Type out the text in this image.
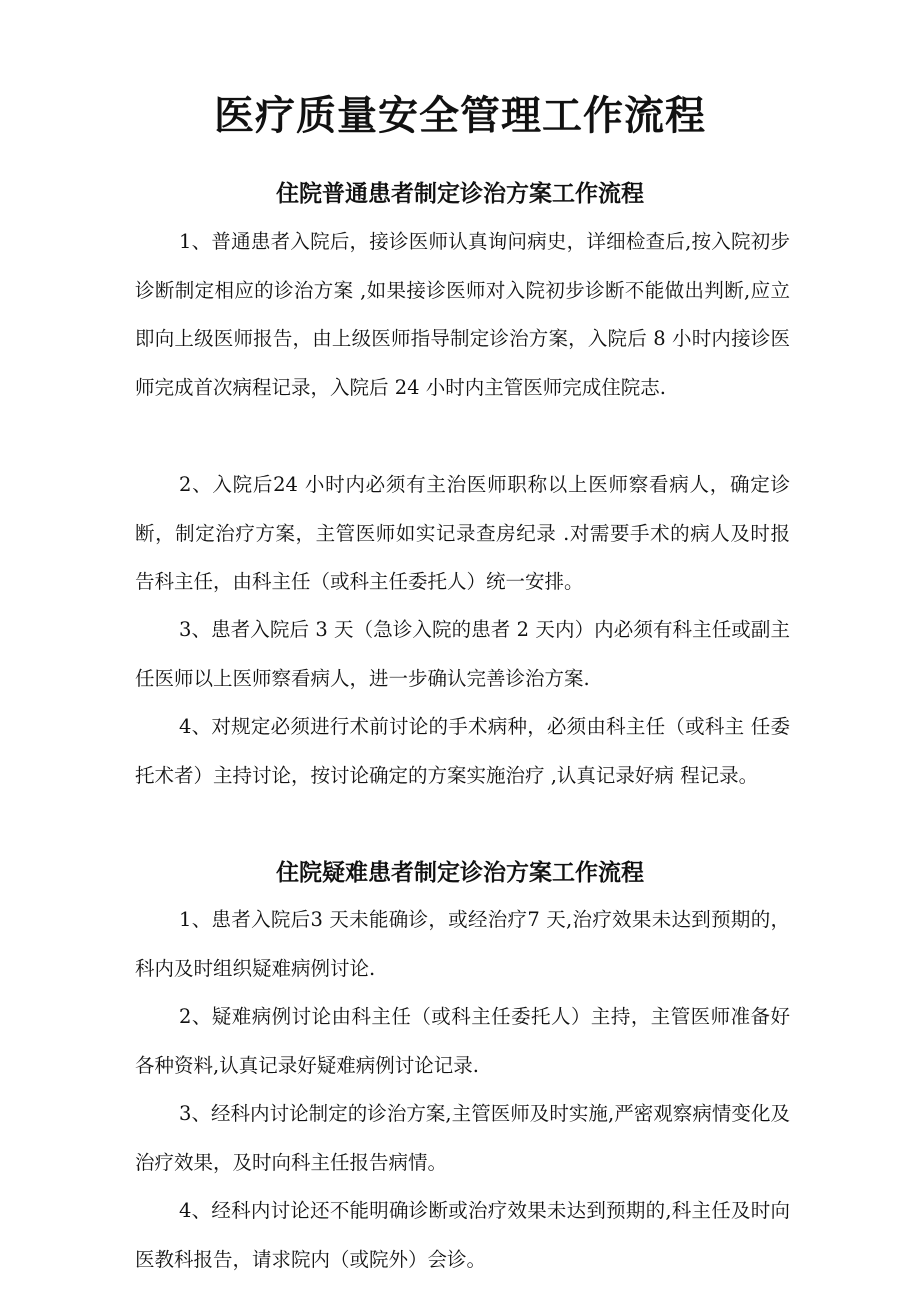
医疗质量安全管理工作流程
住院普通患者制定诊治方案工作流程

1、普通患者入院后，接诊医师认真询问病史，详细检查后,按入院初步诊断制定相应的诊治方案 ,如果接诊医师对入院初步诊断不能做出判断,应立即向上级医师报告，由上级医师指导制定诊治方案，入院后 8 小时内接诊医师完成首次病程记录，入院后 24 小时内主管医师完成住院志.

2、入院后24 小时内必须有主治医师职称以上医师察看病人，确定诊断，制定治疗方案，主管医师如实记录查房纪录 .对需要手术的病人及时报告科主任，由科主任（或科主任委托人）统一安排。

3、患者入院后 3 天（急诊入院的患者 2 天内）内必须有科主任或副主任医师以上医师察看病人，进一步确认完善诊治方案.

4、对规定必须进行术前讨论的手术病种，必须由科主任（或科主 任委托术者）主持讨论，按讨论确定的方案实施治疗 ,认真记录好病 程记录。

住院疑难患者制定诊治方案工作流程

1、患者入院后3 天未能确诊，或经治疗7 天,治疗效果未达到预期的，科内及时组织疑难病例讨论.

2、疑难病例讨论由科主任（或科主任委托人）主持，主管医师准备好各种资料,认真记录好疑难病例讨论记录.

3、经科内讨论制定的诊治方案,主管医师及时实施,严密观察病情变化及治疗效果，及时向科主任报告病情。

4、经科内讨论还不能明确诊断或治疗效果未达到预期的,科主任及时向医教科报告，请求院内（或院外）会诊。
